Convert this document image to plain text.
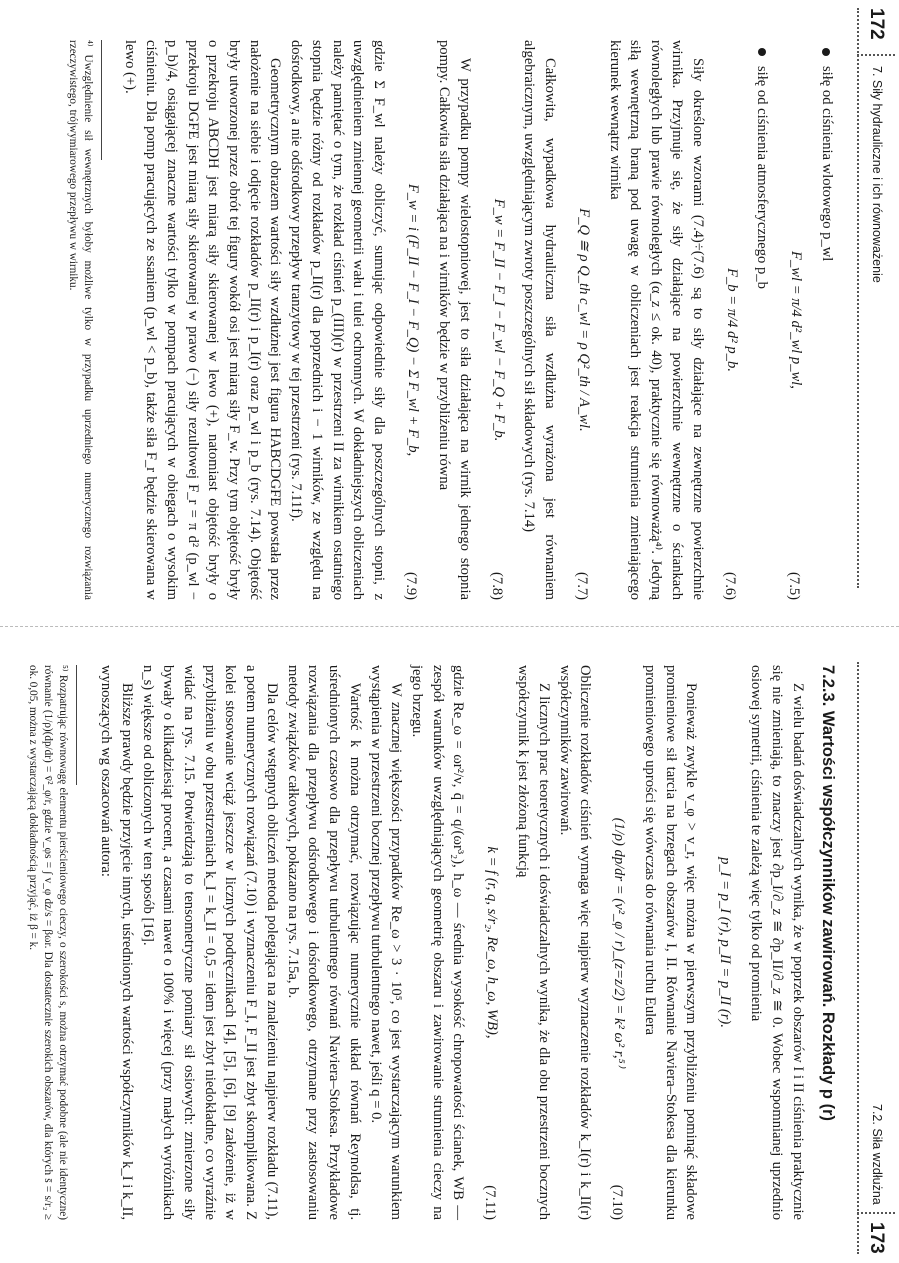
172
7. Siły hydrauliczne i ich równoważenie
7.2. Siła wzdłużna
173
siłę od ciśnienia wlotowego p_wl
F_wl = π/4 d²_wl p_wl,
(7.5)
siłę od ciśnienia atmosferycznego p_b
F_b = π/4 d² p_b.
(7.6)

Siły określone wzorami (7.4)÷(7.6) są to siły działające na zewnętrzne powierzchnie wirnika. Przyjmuje się, że siły działające na powierzchnie wewnętrzne o ściankach równoległych lub prawie równoległych (α_z ≤ ok. 40), praktycznie się równoważą⁴⁾. Jedyną siłą wewnętrzną braną pod uwagę w obliczeniach jest reakcja strumienia zmieniającego kierunek wewnątrz wirnika

F_Q ≅ ρ Q_th c_wl = ρ Q²_th / A_wl.
(7.7)

Całkowita, wypadkowa hydrauliczna siła wzdłużna wyrażona jest równaniem algebraicznym, uwzględniającym zwroty poszczególnych sił składowych (rys. 7.14)

F_w = F_II − F_I − F_wl − F_Q + F_b.
(7.8)

W przypadku pompy wielostopniowej, jest to siła działająca na wirnik jednego stopnia pompy. Całkowita siła działająca na i wirników będzie w przybliżeniu równa

F_w = i (F_II − F_I − F_Q) − Σ F_wl + F_b,
(7.9)

gdzie Σ F_wl należy obliczyć, sumując odpowiednie siły dla poszczególnych stopni, z uwzględnieniem zmiennej geometrii wału i tulei ochronnych. W dokładniejszych obliczeniach należy pamiętać o tym, że rozkład ciśnień p_(III)(r) w przestrzeni II za wirnikiem ostatniego stopnia będzie różny od rozkładów p_II(r) dla poprzednich i − 1 wirników, ze względu na dośrodkowy, a nie odśrodkowy przepływ tranzytowy w tej przestrzeni (rys. 7.11f).

Geometrycznym obrazem wartości siły wzdłużnej jest figura HABCDGFE powstała przez nałożenie na siebie i odjęcie rozkładów p_II(r) i p_I(r) oraz p_wl i p_b (rys. 7.14). Objętość bryły utworzonej przez obrót tej figury wokół osi jest miarą siły F_w. Przy tym objętość bryły o przekroju ABCDH jest miarą siły skierowanej w lewo (+), natomiast objętość bryły o przekroju DGFE jest miarą siły skierowanej w prawo (−) siły rezultowej F_r = π d² (p_wl − p_b)/4, osiągającej znaczne wartości tylko w pompach pracujących w obiegach o wysokim ciśnieniu. Dla pomp pracujących ze ssaniem (p_wl < p_b), także siła F_r będzie skierowana w lewo (+).

⁴⁾ Uwzględnienie sił wewnętrznych byłoby możliwe tylko w przypadku uprzedniego numerycznego rozwiązania rzeczywistego, trójwymiarowego przepływu w wirniku.

7.2.3. Wartości współczynników zawirowań. Rozkłady p (r)

Z wielu badań doświadczalnych wynika, że w poprzek obszarów I i II ciśnienia praktycznie się nie zmieniają, to znaczy jest ∂p_I/∂_z ≅ ∂p_II/∂_z ≅ 0. Wobec wspomnianej uprzednio osiowej symetrii, ciśnienia te zależą więc tylko od promienia

p_I = p_I (r), p_II = p_II (r).

Ponieważ zwykle v_φ > v_r, więc można w pierwszym przybliżeniu pominąć składowe promieniowe sił tarcia na brzegach obszarów I, II. Równanie Naviera–Stokesa dla kierunku promieniowego uprości się wówczas do równania ruchu Eulera

(1/ρ) dp/dr = (v²_φ / r)_(z=z/2) = k² ω² r,⁵⁾
(7.10)

Obliczenie rozkładów ciśnień wymaga więc najpierw wyznaczenie rozkładów k_I(r) i k_II(r) współczynników zawirowań.

Z licznych prac teoretycznych i doświadczalnych wynika, że dla obu przestrzeni bocznych współczynnik k jest złożoną funkcją

k = f (r, q, s/r₂, Re_ω, h_ω, WB),
(7.11)

gdzie Re_ω = ωr²/ν, q̄ = q/(ωr³₂), h_ω — średnia wysokość chropowatości ścianek, WB — zespół warunków uwzględniających geometrię obszaru i zawirowanie strumienia cieczy na jego brzegu.

W znacznej większości przypadków Re_ω > 3 · 10⁵, co jest wystarczającym warunkiem wystąpienia w przestrzeni bocznej przepływu turbulentnego nawet, jeśli q = 0.

Wartość k można otrzymać, rozwiązując numerycznie układ równań Reynoldsa, tj. uśrednionych czasowo dla przepływu turbulentnego równań Naviera–Stokesa. Przykładowe rozwiązania dla przepływu odśrodkowego i dośrodkowego, otrzymane przy zastosowaniu metody związków całkowych, pokazano na rys. 7.15a, b.

Dla celów wstępnych obliczeń metoda polegająca na znalezieniu najpierw rozkładu (7.11), a potem numerycznych rozwiązań (7.10) i wyznaczeniu F_I, F_II jest zbyt skomplikowana. Z kolei stosowanie wciąż jeszcze w licznych podręcznikach [4], [5], [6], [9] założenie, iż w przybliżeniu w obu przestrzeniach k_I = k_II = 0,5 = idem jest zbyt niedokładne, co wyraźnie widać na rys. 7.15. Potwierdzają to tensometryczne pomiary sił osiowych: zmierzone siły bywały o kilkadziesiąt procent, a czasami nawet o 100% i więcej (przy małych wyróżnikach n_s) większe od obliczonych w ten sposób [16].

Bliższe prawdy będzie przyjęcie innych, uśrednionych wartości współczynników k_I i k_II, wynoszących wg oszacowań autora:

⁵⁾ Rozpatrując równowagę elementu pierścieniowego cieczy, o szerokości s, można otrzymać podobne (ale nie identyczne) równanie (1/ρ)(dp/dr) = v̄²_φ/r, gdzie v_φs = ∫ v_φ dz/s = βωr. Dla dostatecznie szerokich obszarów, dla których s̄ = s/r₂ ≥ ok. 0,05, można z wystarczającą dokładnością przyjąć, iż β = k.
